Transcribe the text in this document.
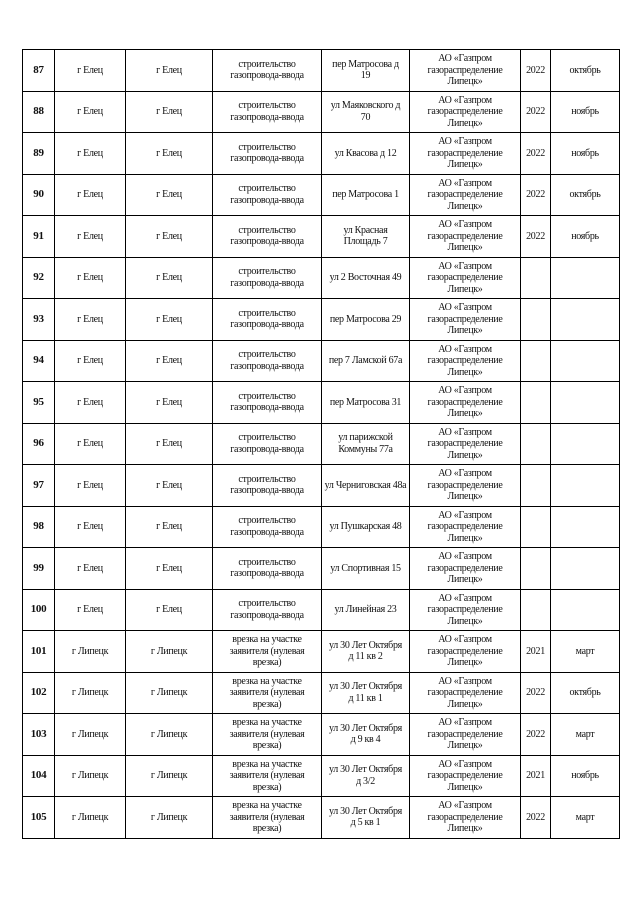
87	г Елец	г Елец	строительство
газопровода-ввода	пер Матросова д
19	АО «Газпром
газораспределение
Липецк»	2022	октябрь
88	г Елец	г Елец	строительство
газопровода-ввода	ул Маяковского д
70	АО «Газпром
газораспределение
Липецк»	2022	ноябрь
89	г Елец	г Елец	строительство
газопровода-ввода	ул Квасова д 12	АО «Газпром
газораспределение
Липецк»	2022	ноябрь
90	г Елец	г Елец	строительство
газопровода-ввода	пер Матросова 1	АО «Газпром
газораспределение
Липецк»	2022	октябрь
91	г Елец	г Елец	строительство
газопровода-ввода	ул Красная
Площадь 7	АО «Газпром
газораспределение
Липецк»	2022	ноябрь
92	г Елец	г Елец	строительство
газопровода-ввода	ул 2 Восточная 49	АО «Газпром
газораспределение
Липецк»		
93	г Елец	г Елец	строительство
газопровода-ввода	пер Матросова 29	АО «Газпром
газораспределение
Липецк»		
94	г Елец	г Елец	строительство
газопровода-ввода	пер 7 Ламской 67а	АО «Газпром
газораспределение
Липецк»		
95	г Елец	г Елец	строительство
газопровода-ввода	пер Матросова 31	АО «Газпром
газораспределение
Липецк»		
96	г Елец	г Елец	строительство
газопровода-ввода	ул парижской
Коммуны 77а	АО «Газпром
газораспределение
Липецк»		
97	г Елец	г Елец	строительство
газопровода-ввода	ул Черниговская 48а	АО «Газпром
газораспределение
Липецк»		
98	г Елец	г Елец	строительство
газопровода-ввода	ул Пушкарская 48	АО «Газпром
газораспределение
Липецк»		
99	г Елец	г Елец	строительство
газопровода-ввода	ул Спортивная 15	АО «Газпром
газораспределение
Липецк»		
100	г Елец	г Елец	строительство
газопровода-ввода	ул Линейная 23	АО «Газпром
газораспределение
Липецк»		
101	г Липецк	г Липецк	врезка на участке
заявителя (нулевая
врезка)	ул 30 Лет Октября
д 11 кв 2	АО «Газпром
газораспределение
Липецк»	2021	март
102	г Липецк	г Липецк	врезка на участке
заявителя (нулевая
врезка)	ул 30 Лет Октября
д 11 кв 1	АО «Газпром
газораспределение
Липецк»	2022	октябрь
103	г Липецк	г Липецк	врезка на участке
заявителя (нулевая
врезка)	ул 30 Лет Октября
д 9 кв 4	АО «Газпром
газораспределение
Липецк»	2022	март
104	г Липецк	г Липецк	врезка на участке
заявителя (нулевая
врезка)	ул 30 Лет Октября
д 3/2	АО «Газпром
газораспределение
Липецк»	2021	ноябрь
105	г Липецк	г Липецк	врезка на участке
заявителя (нулевая
врезка)	ул 30 Лет Октября
д 5 кв 1	АО «Газпром
газораспределение
Липецк»	2022	март
